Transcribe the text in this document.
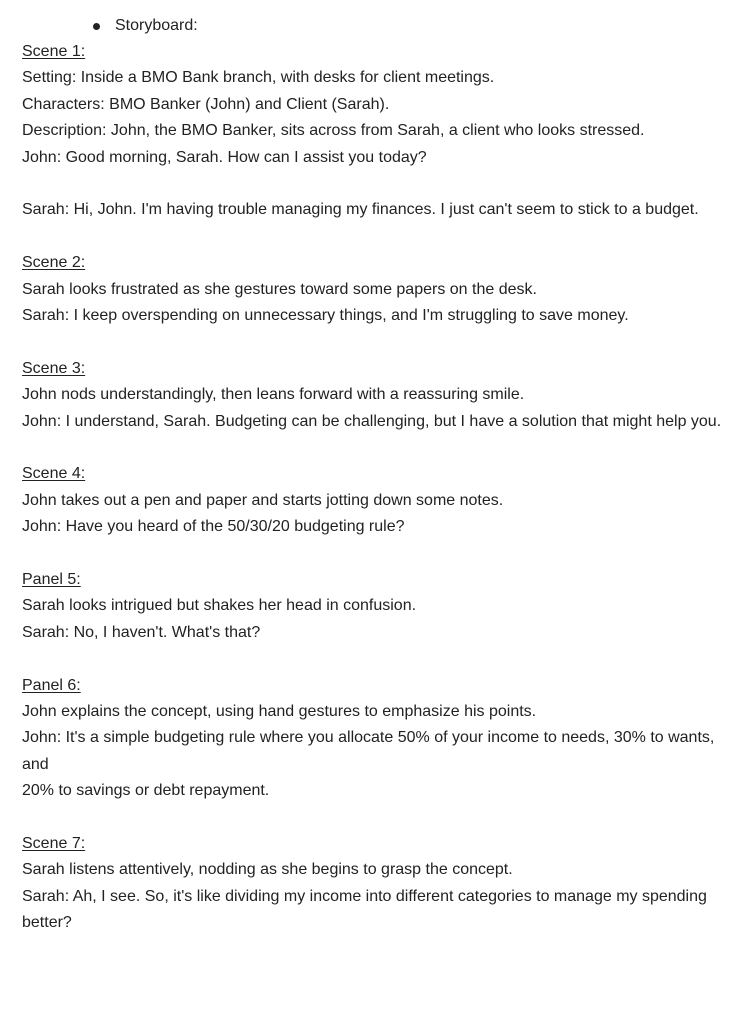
Storyboard:
Scene 1:
Setting: Inside a BMO Bank branch, with desks for client meetings.
Characters: BMO Banker (John) and Client (Sarah).
Description: John, the BMO Banker, sits across from Sarah, a client who looks stressed.
John: Good morning, Sarah. How can I assist you today?
Sarah: Hi, John. I'm having trouble managing my finances. I just can't seem to stick to a budget.
Scene 2:
Sarah looks frustrated as she gestures toward some papers on the desk.
Sarah: I keep overspending on unnecessary things, and I'm struggling to save money.
Scene 3:
John nods understandingly, then leans forward with a reassuring smile.
John: I understand, Sarah. Budgeting can be challenging, but I have a solution that might help you.
Scene 4:
John takes out a pen and paper and starts jotting down some notes.
John: Have you heard of the 50/30/20 budgeting rule?
Panel 5:
Sarah looks intrigued but shakes her head in confusion.
Sarah: No, I haven't. What's that?
Panel 6:
John explains the concept, using hand gestures to emphasize his points.
John: It's a simple budgeting rule where you allocate 50% of your income to needs, 30% to wants, and
20% to savings or debt repayment.
Scene 7:
Sarah listens attentively, nodding as she begins to grasp the concept.
Sarah: Ah, I see. So, it's like dividing my income into different categories to manage my spending
better?
